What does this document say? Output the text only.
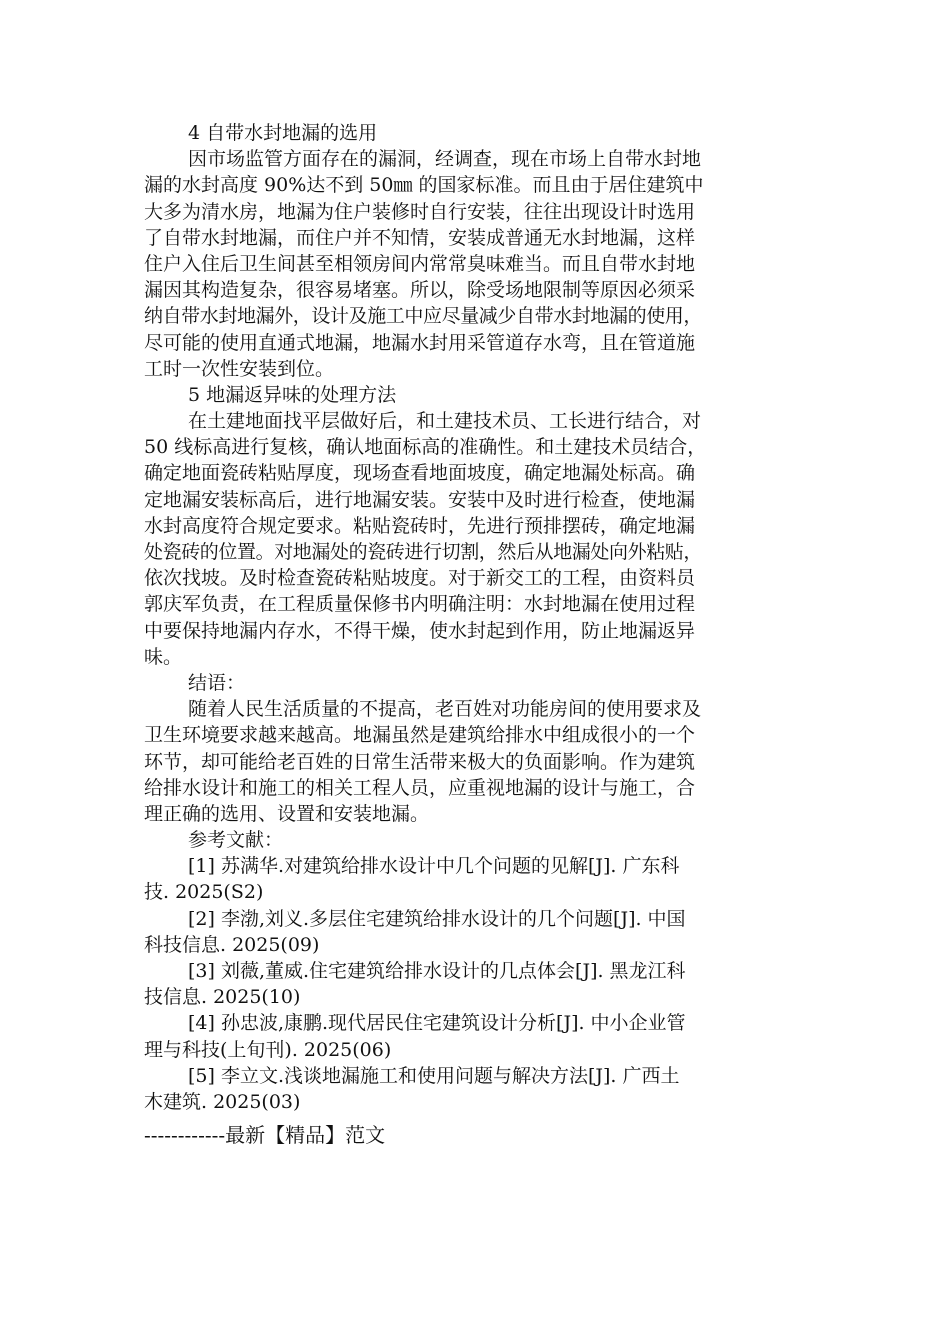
4 自带水封地漏的选用
因市场监管方面存在的漏洞，经调查，现在市场上自带水封地
漏的水封高度 90%达不到 50㎜ 的国家标准。而且由于居住建筑中
大多为清水房，地漏为住户装修时自行安装，往往出现设计时选用
了自带水封地漏，而住户并不知情，安装成普通无水封地漏，这样
住户入住后卫生间甚至相领房间内常常臭味难当。而且自带水封地
漏因其构造复杂，很容易堵塞。所以，除受场地限制等原因必须采
纳自带水封地漏外，设计及施工中应尽量减少自带水封地漏的使用，
尽可能的使用直通式地漏，地漏水封用采管道存水弯，且在管道施
工时一次性安装到位。
5 地漏返异味的处理方法
在土建地面找平层做好后，和土建技术员、工长进行结合，对
50 线标高进行复核，确认地面标高的准确性。和土建技术员结合，
确定地面瓷砖粘贴厚度，现场查看地面坡度，确定地漏处标高。确
定地漏安装标高后，进行地漏安装。安装中及时进行检查，使地漏
水封高度符合规定要求。粘贴瓷砖时，先进行预排摆砖，确定地漏
处瓷砖的位置。对地漏处的瓷砖进行切割，然后从地漏处向外粘贴，
依次找坡。及时检查瓷砖粘贴坡度。对于新交工的工程，由资料员
郭庆军负责，在工程质量保修书内明确注明：水封地漏在使用过程
中要保持地漏内存水，不得干燥，使水封起到作用，防止地漏返异
味。
结语：
随着人民生活质量的不提高，老百姓对功能房间的使用要求及
卫生环境要求越来越高。地漏虽然是建筑给排水中组成很小的一个
环节，却可能给老百姓的日常生活带来极大的负面影响。作为建筑
给排水设计和施工的相关工程人员，应重视地漏的设计与施工，合
理正确的选用、设置和安装地漏。
参考文献：
[1] 苏满华.对建筑给排水设计中几个问题的见解[J]. 广东科
技. 2025(S2)
[2] 李渤,刘义.多层住宅建筑给排水设计的几个问题[J]. 中国
科技信息. 2025(09)
[3] 刘薇,董威.住宅建筑给排水设计的几点体会[J]. 黑龙江科
技信息. 2025(10)
[4] 孙忠波,康鹏.现代居民住宅建筑设计分析[J]. 中小企业管
理与科技(上旬刊). 2025(06)
[5] 李立文.浅谈地漏施工和使用问题与解决方法[J]. 广西土
木建筑. 2025(03)
------------最新【精品】范文
